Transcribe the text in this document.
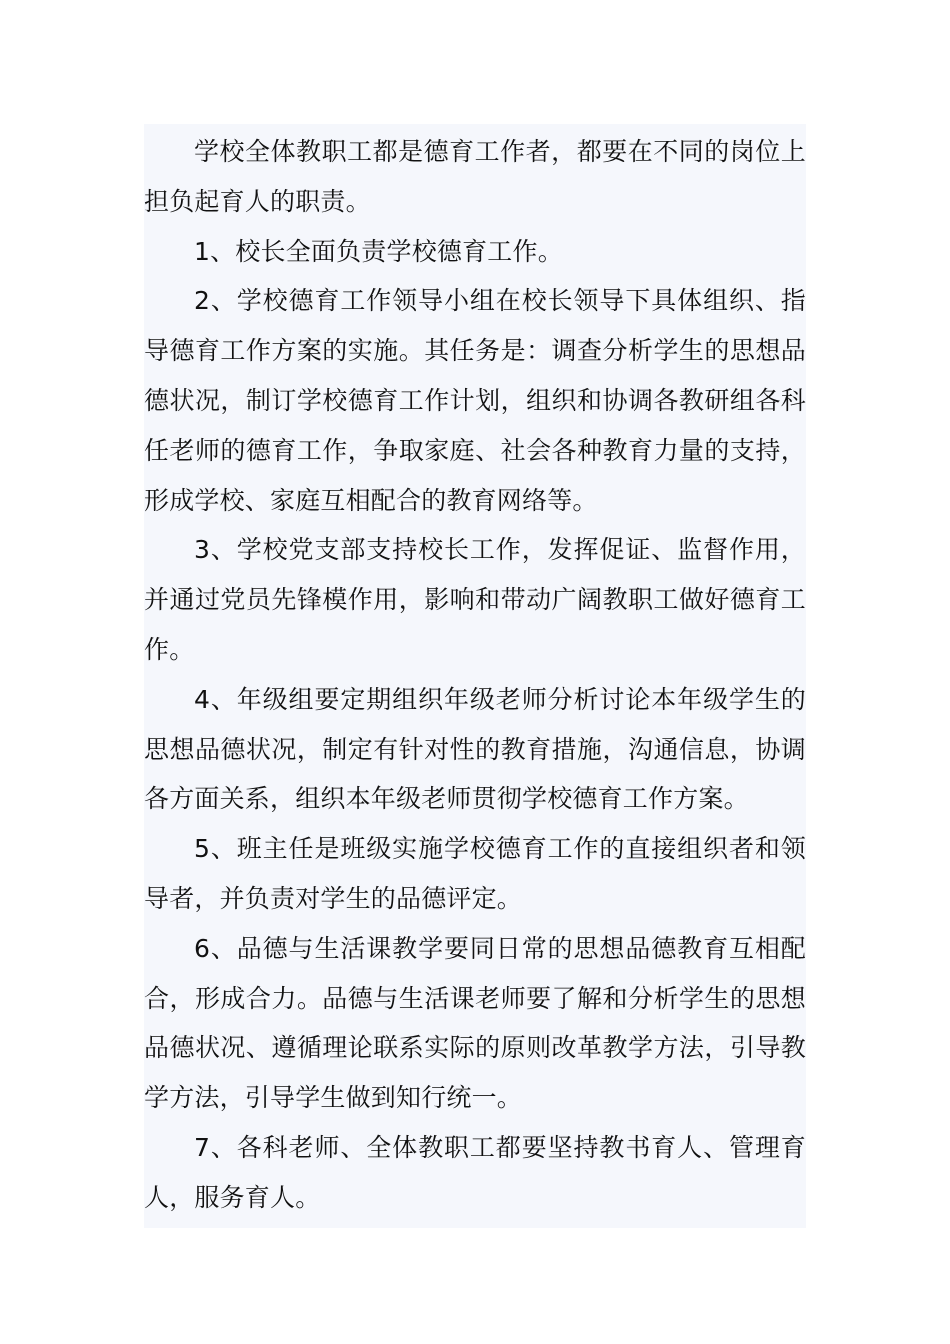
学校全体教职工都是德育工作者，都要在不同的岗位上担负起育人的职责。

1、校长全面负责学校德育工作。

2、学校德育工作领导小组在校长领导下具体组织、指导德育工作方案的实施。其任务是：调查分析学生的思想品德状况，制订学校德育工作计划，组织和协调各教研组各科任老师的德育工作，争取家庭、社会各种教育力量的支持，形成学校、家庭互相配合的教育网络等。

3、学校党支部支持校长工作，发挥促证、监督作用，并通过党员先锋模作用，影响和带动广阔教职工做好德育工作。

4、年级组要定期组织年级老师分析讨论本年级学生的思想品德状况，制定有针对性的教育措施，沟通信息，协调各方面关系，组织本年级老师贯彻学校德育工作方案。

5、班主任是班级实施学校德育工作的直接组织者和领导者，并负责对学生的品德评定。

6、品德与生活课教学要同日常的思想品德教育互相配合，形成合力。品德与生活课老师要了解和分析学生的思想品德状况、遵循理论联系实际的原则改革教学方法，引导教学方法，引导学生做到知行统一。

7、各科老师、全体教职工都要坚持教书育人、管理育人，服务育人。
